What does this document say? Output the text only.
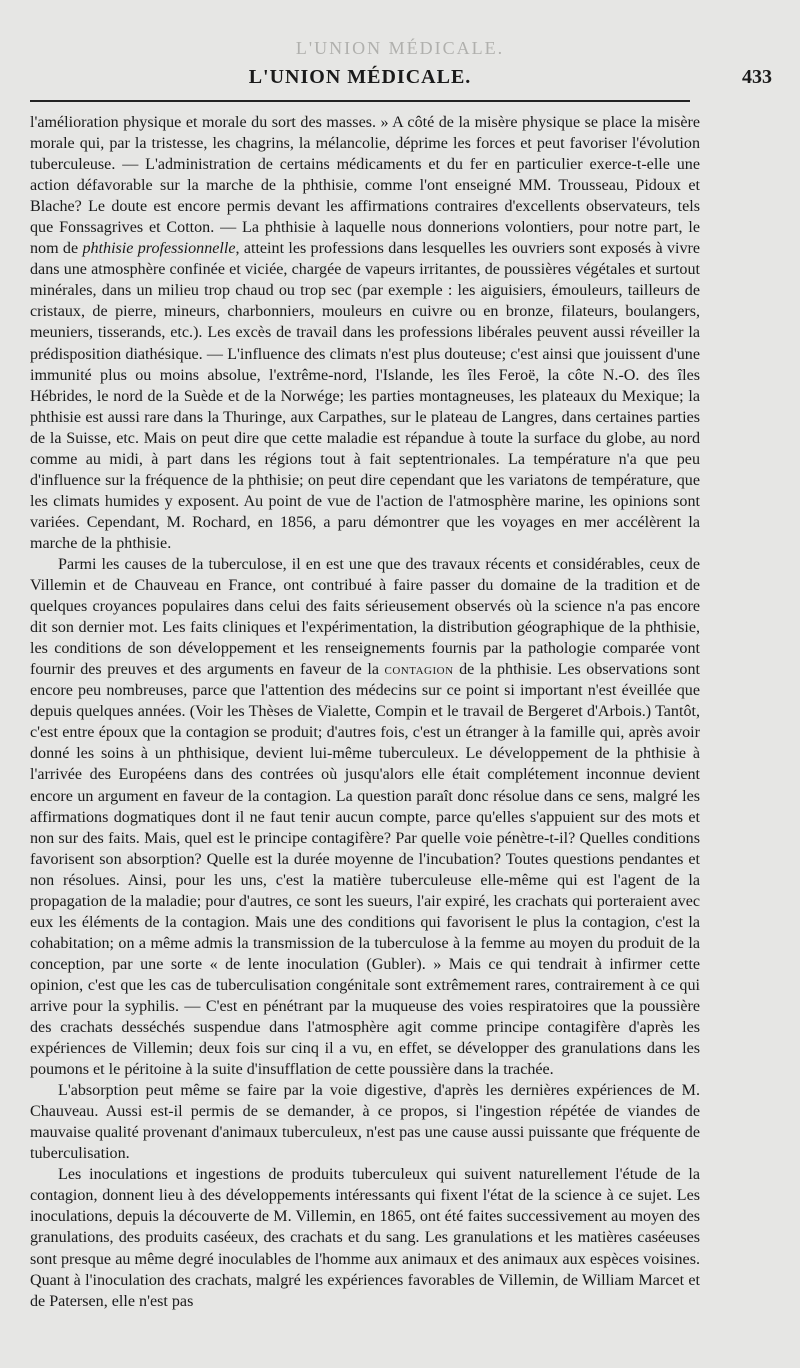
L'UNION MÉDICALE.
L'UNION MÉDICALE.	433

l'amélioration physique et morale du sort des masses. » A côté de la misère physique se place la misère morale qui, par la tristesse, les chagrins, la mélancolie, déprime les forces et peut favoriser l'évolution tuberculeuse. — L'administration de certains médicaments et du fer en particulier exerce-t-elle une action défavorable sur la marche de la phthisie, comme l'ont enseigné MM. Trousseau, Pidoux et Blache? Le doute est encore permis devant les affirmations contraires d'excellents observateurs, tels que Fonssagrives et Cotton. — La phthisie à laquelle nous donnerions volontiers, pour notre part, le nom de phthisie professionnelle, atteint les professions dans lesquelles les ouvriers sont exposés à vivre dans une atmosphère confinée et viciée, chargée de vapeurs irritantes, de poussières végétales et surtout minérales, dans un milieu trop chaud ou trop sec (par exemple : les aiguisiers, émouleurs, tailleurs de cristaux, de pierre, mineurs, charbonniers, mouleurs en cuivre ou en bronze, filateurs, boulangers, meuniers, tisserands, etc.). Les excès de travail dans les professions libérales peuvent aussi réveiller la prédisposition diathésique. — L'influence des climats n'est plus douteuse; c'est ainsi que jouissent d'une immunité plus ou moins absolue, l'extrême-nord, l'Islande, les îles Feroë, la côte N.-O. des îles Hébrides, le nord de la Suède et de la Norwége; les parties montagneuses, les plateaux du Mexique; la phthisie est aussi rare dans la Thuringe, aux Carpathes, sur le plateau de Langres, dans certaines parties de la Suisse, etc. Mais on peut dire que cette maladie est répandue à toute la surface du globe, au nord comme au midi, à part dans les régions tout à fait septentrionales. La température n'a que peu d'influence sur la fréquence de la phthisie; on peut dire cependant que les variatons de température, que les climats humides y exposent. Au point de vue de l'action de l'atmosphère marine, les opinions sont variées. Cependant, M. Rochard, en 1856, a paru démontrer que les voyages en mer accélèrent la marche de la phthisie.

Parmi les causes de la tuberculose, il en est une que des travaux récents et considérables, ceux de Villemin et de Chauveau en France, ont contribué à faire passer du domaine de la tradition et de quelques croyances populaires dans celui des faits sérieusement observés où la science n'a pas encore dit son dernier mot. Les faits cliniques et l'expérimentation, la distribution géographique de la phthisie, les conditions de son développement et les renseignements fournis par la pathologie comparée vont fournir des preuves et des arguments en faveur de la contagion de la phthisie. Les observations sont encore peu nombreuses, parce que l'attention des médecins sur ce point si important n'est éveillée que depuis quelques années. (Voir les Thèses de Vialette, Compin et le travail de Bergeret d'Arbois.) Tantôt, c'est entre époux que la contagion se produit; d'autres fois, c'est un étranger à la famille qui, après avoir donné les soins à un phthisique, devient lui-même tuberculeux. Le développement de la phthisie à l'arrivée des Européens dans des contrées où jusqu'alors elle était complétement inconnue devient encore un argument en faveur de la contagion. La question paraît donc résolue dans ce sens, malgré les affirmations dogmatiques dont il ne faut tenir aucun compte, parce qu'elles s'appuient sur des mots et non sur des faits. Mais, quel est le principe contagifère? Par quelle voie pénètre-t-il? Quelles conditions favorisent son absorption? Quelle est la durée moyenne de l'incubation? Toutes questions pendantes et non résolues. Ainsi, pour les uns, c'est la matière tuberculeuse elle-même qui est l'agent de la propagation de la maladie; pour d'autres, ce sont les sueurs, l'air expiré, les crachats qui porteraient avec eux les éléments de la contagion. Mais une des conditions qui favorisent le plus la contagion, c'est la cohabitation; on a même admis la transmission de la tuberculose à la femme au moyen du produit de la conception, par une sorte « de lente inoculation (Gubler). » Mais ce qui tendrait à infirmer cette opinion, c'est que les cas de tuberculisation congénitale sont extrêmement rares, contrairement à ce qui arrive pour la syphilis. — C'est en pénétrant par la muqueuse des voies respiratoires que la poussière des crachats desséchés suspendue dans l'atmosphère agit comme principe contagifère d'après les expériences de Villemin; deux fois sur cinq il a vu, en effet, se développer des granulations dans les poumons et le péritoine à la suite d'insufflation de cette poussière dans la trachée.

L'absorption peut même se faire par la voie digestive, d'après les dernières expériences de M. Chauveau. Aussi est-il permis de se demander, à ce propos, si l'ingestion répétée de viandes de mauvaise qualité provenant d'animaux tuberculeux, n'est pas une cause aussi puissante que fréquente de tuberculisation.

Les inoculations et ingestions de produits tuberculeux qui suivent naturellement l'étude de la contagion, donnent lieu à des développements intéressants qui fixent l'état de la science à ce sujet. Les inoculations, depuis la découverte de M. Villemin, en 1865, ont été faites successivement au moyen des granulations, des produits caséeux, des crachats et du sang. Les granulations et les matières caséeuses sont presque au même degré inoculables de l'homme aux animaux et des animaux aux espèces voisines. Quant à l'inoculation des crachats, malgré les expériences favorables de Villemin, de William Marcet et de Patersen, elle n'est pas
